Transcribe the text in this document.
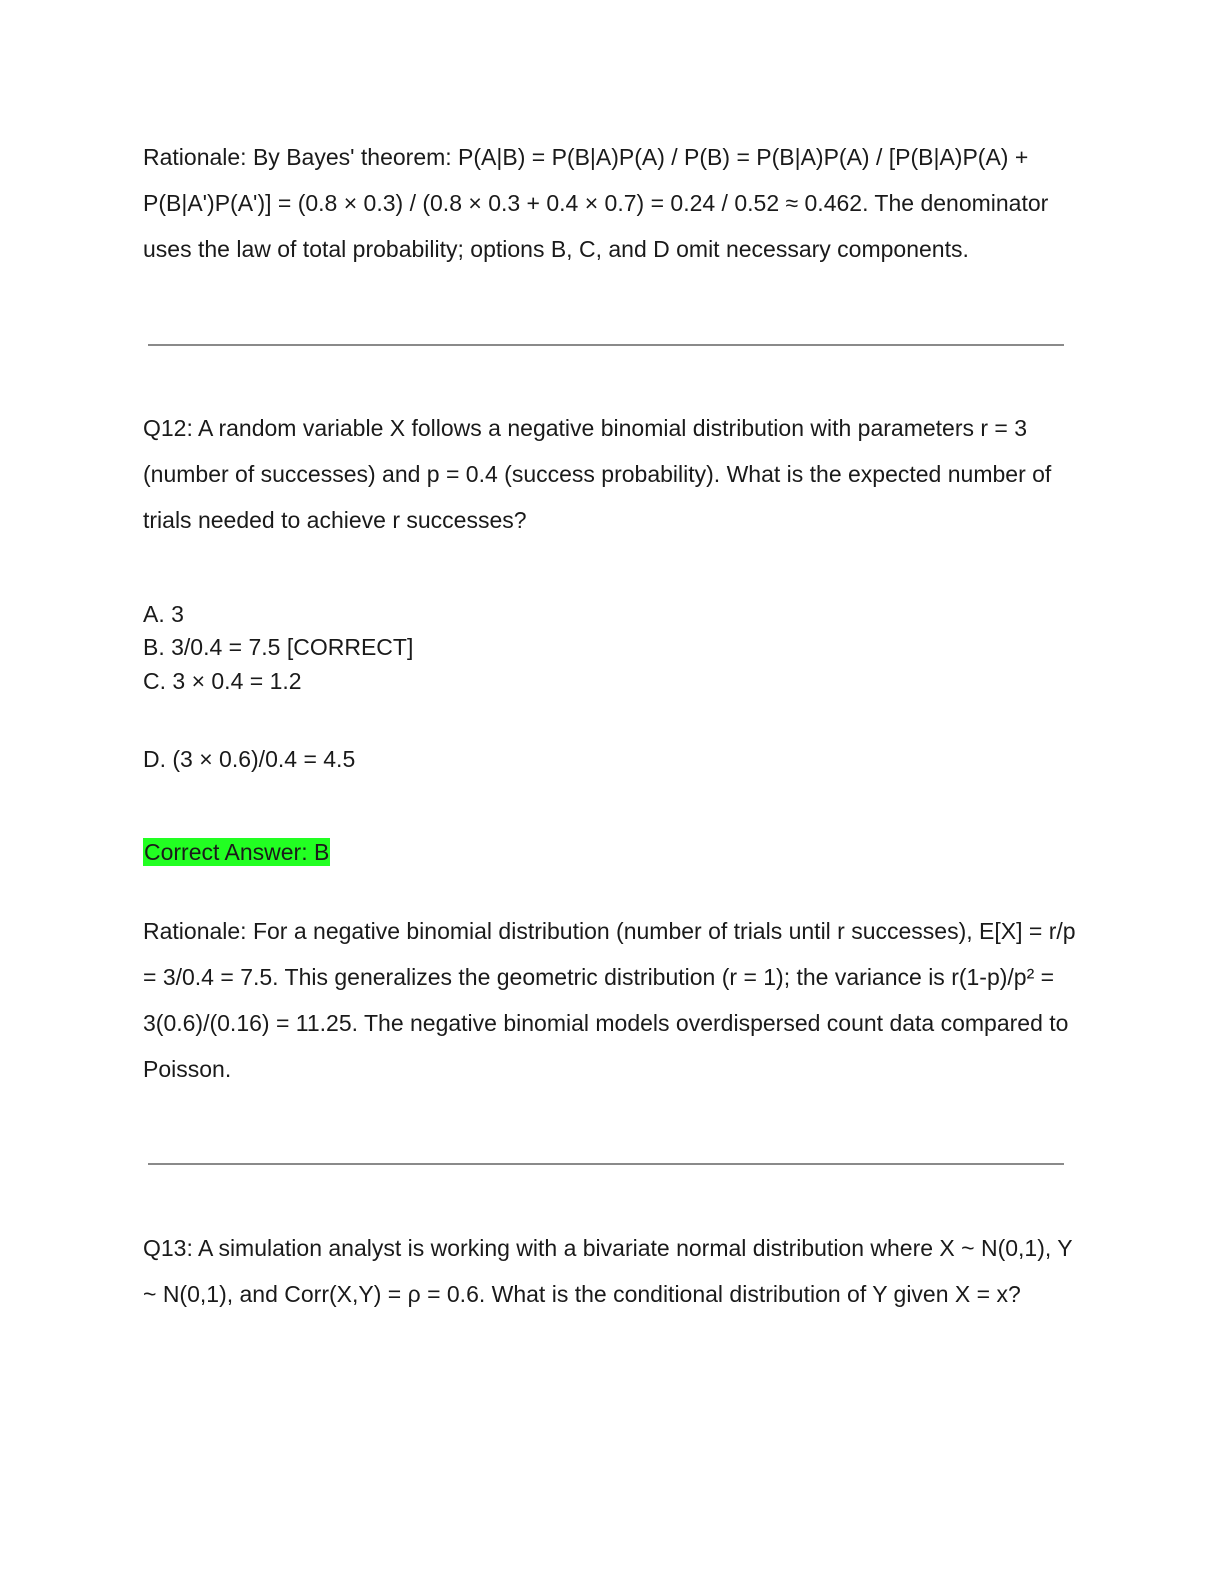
Rationale: By Bayes' theorem: P(A|B) = P(B|A)P(A) / P(B) = P(B|A)P(A) / [P(B|A)P(A) + P(B|A')P(A')] = (0.8 × 0.3) / (0.8 × 0.3 + 0.4 × 0.7) = 0.24 / 0.52 ≈ 0.462. The denominator uses the law of total probability; options B, C, and D omit necessary components.

Q12: A random variable X follows a negative binomial distribution with parameters r = 3 (number of successes) and p = 0.4 (success probability). What is the expected number of trials needed to achieve r successes?

A. 3
B. 3/0.4 = 7.5 [CORRECT]
C. 3 × 0.4 = 1.2
D. (3 × 0.6)/0.4 = 4.5
Correct Answer: B

Rationale: For a negative binomial distribution (number of trials until r successes), E[X] = r/p = 3/0.4 = 7.5. This generalizes the geometric distribution (r = 1); the variance is r(1-p)/p² = 3(0.6)/(0.16) = 11.25. The negative binomial models overdispersed count data compared to Poisson.

Q13: A simulation analyst is working with a bivariate normal distribution where X ~ N(0,1), Y ~ N(0,1), and Corr(X,Y) = ρ = 0.6. What is the conditional distribution of Y given X = x?
